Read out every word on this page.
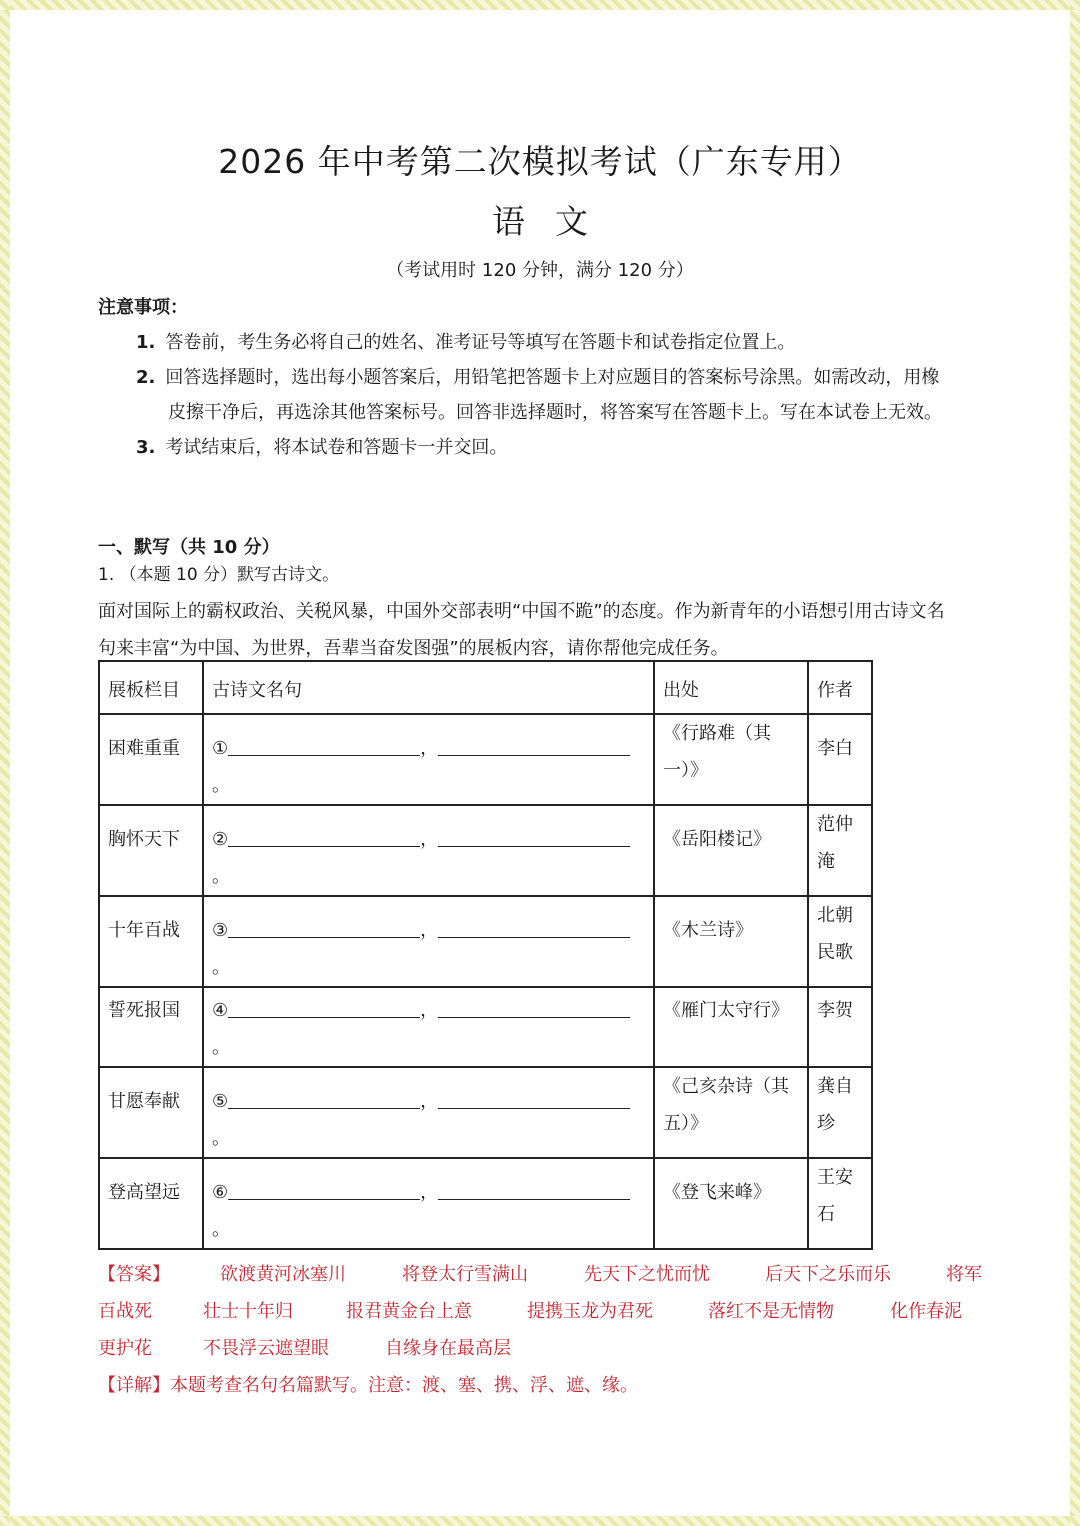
2026 年中考第二次模拟考试（广东专用）
语文
（考试用时 120 分钟，满分 120 分）
注意事项：
1. 答卷前，考生务必将自己的姓名、准考证号等填写在答题卡和试卷指定位置上。
2. 回答选择题时，选出每小题答案后，用铅笔把答题卡上对应题目的答案标号涂黑。如需改动，用橡
皮擦干净后，再选涂其他答案标号。回答非选择题时，将答案写在答题卡上。写在本试卷上无效。
3. 考试结束后，将本试卷和答题卡一并交回。
一、默写（共 10 分）
1. （本题 10 分）默写古诗文。
面对国际上的霸权政治、关税风暴，中国外交部表明“中国不跪”的态度。作为新青年的小语想引用古诗文名
句来丰富“为中国、为世界，吾辈当奋发图强”的展板内容，请你帮他完成任务。
展板栏目	古诗文名句	出处	作者

困难重重	① ，。	《行路难（其一）》	李白

胸怀天下	② ，。	《岳阳楼记》	范仲淹

十年百战	③ ，。	《木兰诗》	北朝民歌

誓死报国	④ ，。	《雁门太守行》	李贺

甘愿奉献	⑤ ，。	《己亥杂诗（其五）》	龚自珍

登高望远	⑥ ，。	《登飞来峰》	王安石
【答案】	欲渡黄河冰塞川	将登太行雪满山	先天下之忧而忧	后天下之乐而乐	将军
百战死	壮士十年归	报君黄金台上意	提携玉龙为君死	落红不是无情物	化作春泥
更护花	不畏浮云遮望眼	自缘身在最高层
【详解】本题考查名句名篇默写。注意：渡、塞、携、浮、遮、缘。
